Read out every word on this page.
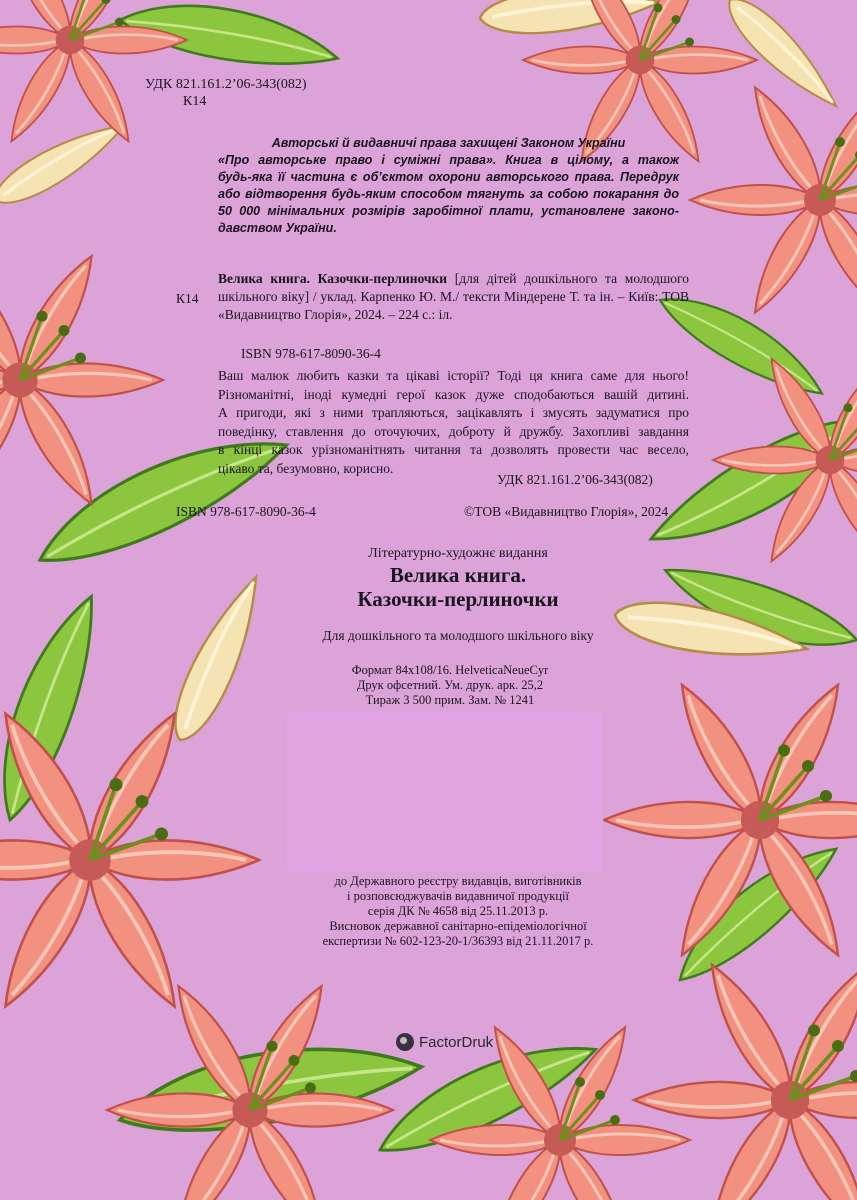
УДК 821.161.2’06-343(082)
К14
Авторські й видавничі права захищені Законом України
«Про авторське право і суміжні права». Книга в цілому, а також
будь-яка її частина є об’єктом охорони авторського права. Передрук
або відтворення будь-яким способом тягнуть за собою покарання до
50 000 мінімальних розмірів заробітної плати, установлене законо-
давством України.
К14
Велика книга. Казочки-перлиночки [для дітей дошкільного та молодшого
шкільного віку] / уклад. Карпенко Ю. М./ тексти Міндерене Т. та ін. – Київ: ТОВ
«Видавництво Глорія», 2024. – 224 с.: іл.
ISBN 978-617-8090-36-4
Ваш малюк любить казки та цікаві історії? Тоді ця книга саме для нього!
Різноманітні, іноді кумедні герої казок дуже сподобаються вашій дитині.
А пригоди, які з ними трапляються, зацікавлять і змусять задуматися про
поведінку, ставлення до оточуючих, доброту й дружбу. Захопливі завдання
в кінці казок урізноманітнять читання та дозволять провести час весело,
цікаво та, безумовно, корисно.
УДК 821.161.2’06-343(082)
ISBN 978-617-8090-36-4	©ТОВ «Видавництво Глорія», 2024
Літературно-художнє видання
Велика книга.
Казочки-перлиночки
Для дошкільного та молодшого шкільного віку
Формат 84х108/16. HelveticaNeueCyr
Друк офсетний. Ум. друк. арк. 25,2
Тираж 3 500 прим. Зам. № 1241
до Державного реєстру видавців, виготівників
і розповсюджувачів видавничої продукції
серія ДК № 4658 від 25.11.2013 р.
Висновок державної санітарно-епідеміологічної
експертизи № 602-123-20-1/36393 від 21.11.2017 р.
FactorDruk
